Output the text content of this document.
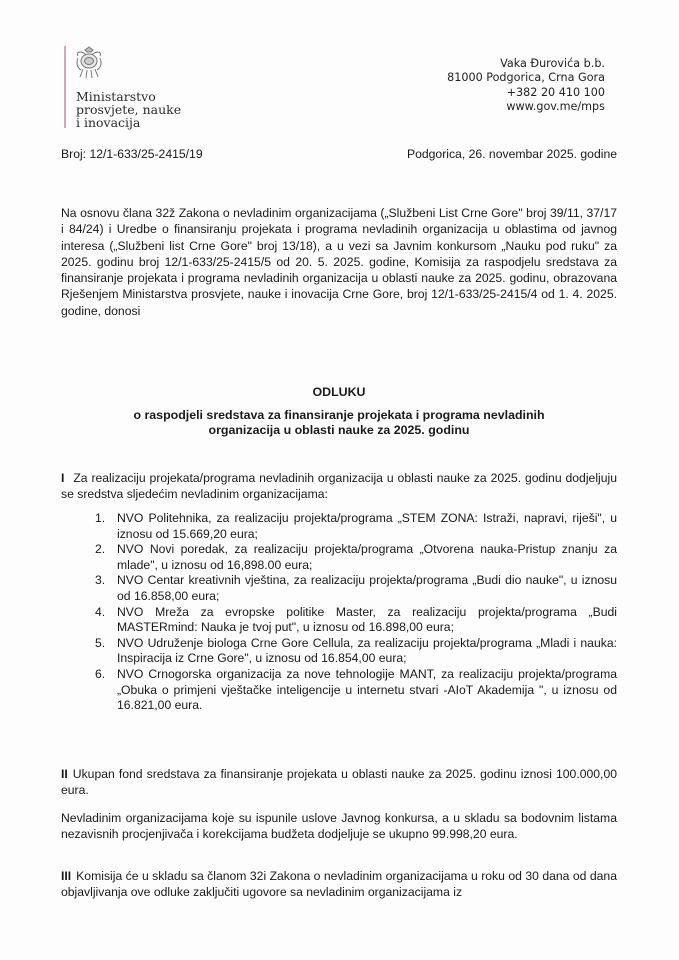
Ministarstvo
prosvjete, nauke
i inovacija
Vaka Đurovića b.b.
81000 Podgorica, Crna Gora
+382 20 410 100
www.gov.me/mps
Broj: 12/1-633/25-2415/19	Podgorica, 26. novembar 2025. godine
Na osnovu člana 32ž Zakona o nevladinim organizacijama („Službeni List Crne Gore" broj 39/11, 37/17 i 84/24) i Uredbe o finansiranju projekata i programa nevladinih organizacija u oblastima od javnog interesa („Službeni list Crne Gore" broj 13/18), a u vezi sa Javnim konkursom „Nauku pod ruku" za 2025. godinu broj 12/1-633/25-2415/5 od 20. 5. 2025. godine, Komisija za raspodjelu sredstava za finansiranje projekata i programa nevladinih organizacija u oblasti nauke za 2025. godinu, obrazovana Rješenjem Ministarstva prosvjete, nauke i inovacija Crne Gore, broj 12/1-633/25-2415/4 od 1. 4. 2025. godine, donosi
ODLUKU
o raspodjeli sredstava za finansiranje projekata i programa nevladinih
organizacija u oblasti nauke za 2025. godinu
I Za realizaciju projekata/programa nevladinih organizacija u oblasti nauke za 2025. godinu dodjeljuju se sredstva sljedećim nevladinim organizacijama:
1. NVO Politehnika, za realizaciju projekta/programa „STEM ZONA: Istraži, napravi, riješi", u iznosu od 15.669,20 eura;
2. NVO Novi poredak, za realizaciju projekta/programa „Otvorena nauka-Pristup znanju za mlade", u iznosu od 16,898.00 eura;
3. NVO Centar kreativnih vještina, za realizaciju projekta/programa „Budi dio nauke", u iznosu od 16.858,00 eura;
4. NVO Mreža za evropske politike Master, za realizaciju projekta/programa „Budi MASTERmind: Nauka je tvoj put", u iznosu od 16.898,00 eura;
5. NVO Udruženje biologa Crne Gore Cellula, za realizaciju projekta/programa „Mladi i nauka: Inspiracija iz Crne Gore", u iznosu od 16.854,00 eura;
6. NVO Crnogorska organizacija za nove tehnologije MANT, za realizaciju projekta/programa „Obuka o primjeni vještačke inteligencije u internetu stvari -AIoT Akademija ", u iznosu od 16.821,00 eura.
II Ukupan fond sredstava za finansiranje projekata u oblasti nauke za 2025. godinu iznosi 100.000,00 eura.
Nevladinim organizacijama koje su ispunile uslove Javnog konkursa, a u skladu sa bodovnim listama nezavisnih procjenjivača i korekcijama budžeta dodjeljuje se ukupno 99.998,20 eura.
III Komisija će u skladu sa članom 32i Zakona o nevladinim organizacijama u roku od 30 dana od dana objavljivanja ove odluke zaključiti ugovore sa nevladinim organizacijama iz
